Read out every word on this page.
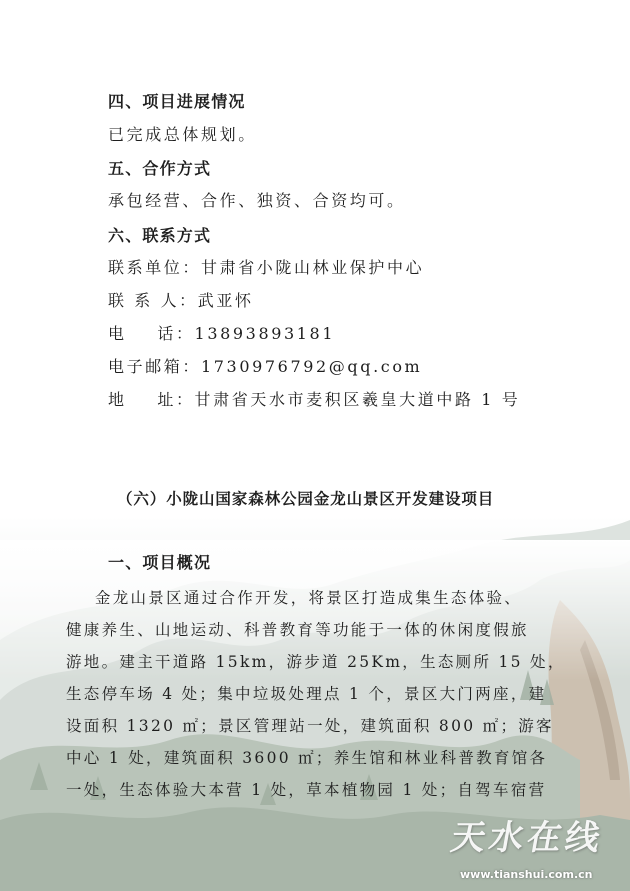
四、项目进展情况
已完成总体规划。
五、合作方式
承包经营、合作、独资、合资均可。
六、联系方式
联系单位：甘肃省小陇山林业保护中心
联 系 人：武亚怀
电    话：13893893181
电子邮箱：1730976792@qq.com
地    址：甘肃省天水市麦积区羲皇大道中路 1 号
（六）小陇山国家森林公园金龙山景区开发建设项目
一、项目概况
金龙山景区通过合作开发，将景区打造成集生态体验、
健康养生、山地运动、科普教育等功能于一体的休闲度假旅
游地。建主干道路 15km，游步道 25Km，生态厕所 15 处，
生态停车场 4 处；集中垃圾处理点 1 个，景区大门两座，建
设面积 1320 ㎡；景区管理站一处，建筑面积 800 ㎡；游客
中心 1 处，建筑面积 3600 ㎡；养生馆和林业科普教育馆各
一处，生态体验大本营 1 处，草本植物园 1 处；自驾车宿营
天水在线
www.tianshui.com.cn
